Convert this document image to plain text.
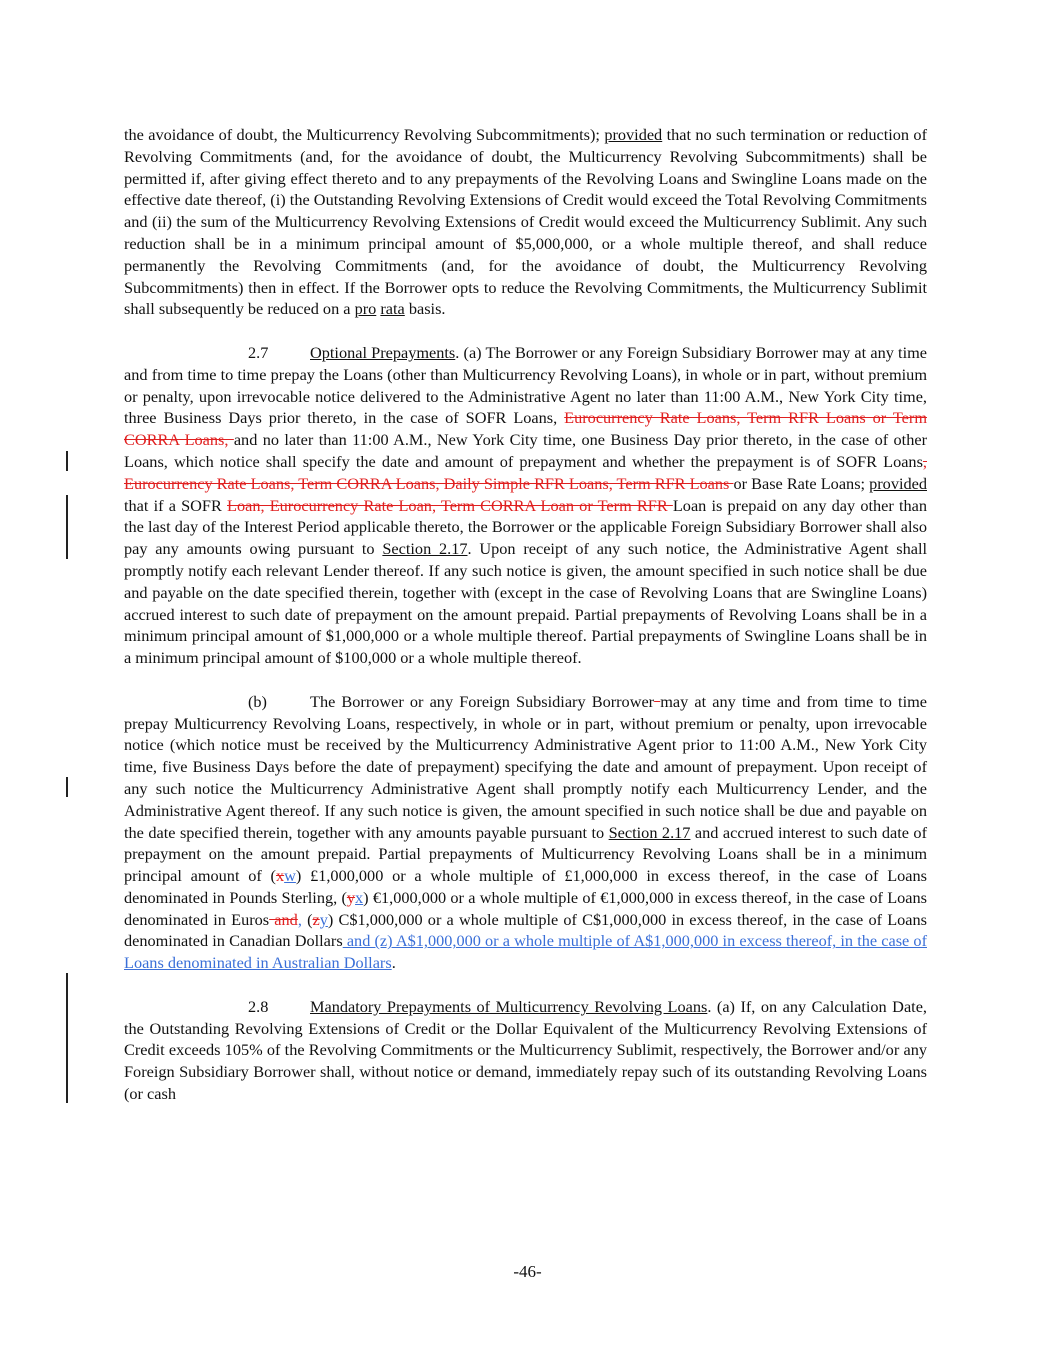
the avoidance of doubt, the Multicurrency Revolving Subcommitments); provided that no such termination or reduction of Revolving Commitments (and, for the avoidance of doubt, the Multicurrency Revolving Subcommitments) shall be permitted if, after giving effect thereto and to any prepayments of the Revolving Loans and Swingline Loans made on the effective date thereof, (i) the Outstanding Revolving Extensions of Credit would exceed the Total Revolving Commitments and (ii) the sum of the Multicurrency Revolving Extensions of Credit would exceed the Multicurrency Sublimit. Any such reduction shall be in a minimum principal amount of $5,000,000, or a whole multiple thereof, and shall reduce permanently the Revolving Commitments (and, for the avoidance of doubt, the Multicurrency Revolving Subcommitments) then in effect. If the Borrower opts to reduce the Revolving Commitments, the Multicurrency Sublimit shall subsequently be reduced on a pro rata basis.

2.7	Optional Prepayments. (a) The Borrower or any Foreign Subsidiary Borrower may at any time and from time to time prepay the Loans (other than Multicurrency Revolving Loans), in whole or in part, without premium or penalty, upon irrevocable notice delivered to the Administrative Agent no later than 11:00 A.M., New York City time, three Business Days prior thereto, in the case of SOFR Loans, Eurocurrency Rate Loans, Term RFR Loans or Term CORRA Loans, and no later than 11:00 A.M., New York City time, one Business Day prior thereto, in the case of other Loans, which notice shall specify the date and amount of prepayment and whether the prepayment is of SOFR Loans, Eurocurrency Rate Loans, Term CORRA Loans, Daily Simple RFR Loans, Term RFR Loans or Base Rate Loans; provided that if a SOFR Loan, Eurocurrency Rate Loan, Term CORRA Loan or Term RFR Loan is prepaid on any day other than the last day of the Interest Period applicable thereto, the Borrower or the applicable Foreign Subsidiary Borrower shall also pay any amounts owing pursuant to Section 2.17. Upon receipt of any such notice, the Administrative Agent shall promptly notify each relevant Lender thereof. If any such notice is given, the amount specified in such notice shall be due and payable on the date specified therein, together with (except in the case of Revolving Loans that are Swingline Loans) accrued interest to such date of prepayment on the amount prepaid. Partial prepayments of Revolving Loans shall be in a minimum principal amount of $1,000,000 or a whole multiple thereof. Partial prepayments of Swingline Loans shall be in a minimum principal amount of $100,000 or a whole multiple thereof.

(b)	The Borrower or any Foreign Subsidiary Borrower may at any time and from time to time prepay Multicurrency Revolving Loans, respectively, in whole or in part, without premium or penalty, upon irrevocable notice (which notice must be received by the Multicurrency Administrative Agent prior to 11:00 A.M., New York City time, five Business Days before the date of prepayment) specifying the date and amount of prepayment. Upon receipt of any such notice the Multicurrency Administrative Agent shall promptly notify each Multicurrency Lender, and the Administrative Agent thereof. If any such notice is given, the amount specified in such notice shall be due and payable on the date specified therein, together with any amounts payable pursuant to Section 2.17 and accrued interest to such date of prepayment on the amount prepaid. Partial prepayments of Multicurrency Revolving Loans shall be in a minimum principal amount of (xw) £1,000,000 or a whole multiple of £1,000,000 in excess thereof, in the case of Loans denominated in Pounds Sterling, (yx) €1,000,000 or a whole multiple of €1,000,000 in excess thereof, in the case of Loans denominated in Euros and, (zy) C$1,000,000 or a whole multiple of C$1,000,000 in excess thereof, in the case of Loans denominated in Canadian Dollars and (z) A$1,000,000 or a whole multiple of A$1,000,000 in excess thereof, in the case of Loans denominated in Australian Dollars.

2.8	Mandatory Prepayments of Multicurrency Revolving Loans. (a) If, on any Calculation Date, the Outstanding Revolving Extensions of Credit or the Dollar Equivalent of the Multicurrency Revolving Extensions of Credit exceeds 105% of the Revolving Commitments or the Multicurrency Sublimit, respectively, the Borrower and/or any Foreign Subsidiary Borrower shall, without notice or demand, immediately repay such of its outstanding Revolving Loans (or cash

-46-
